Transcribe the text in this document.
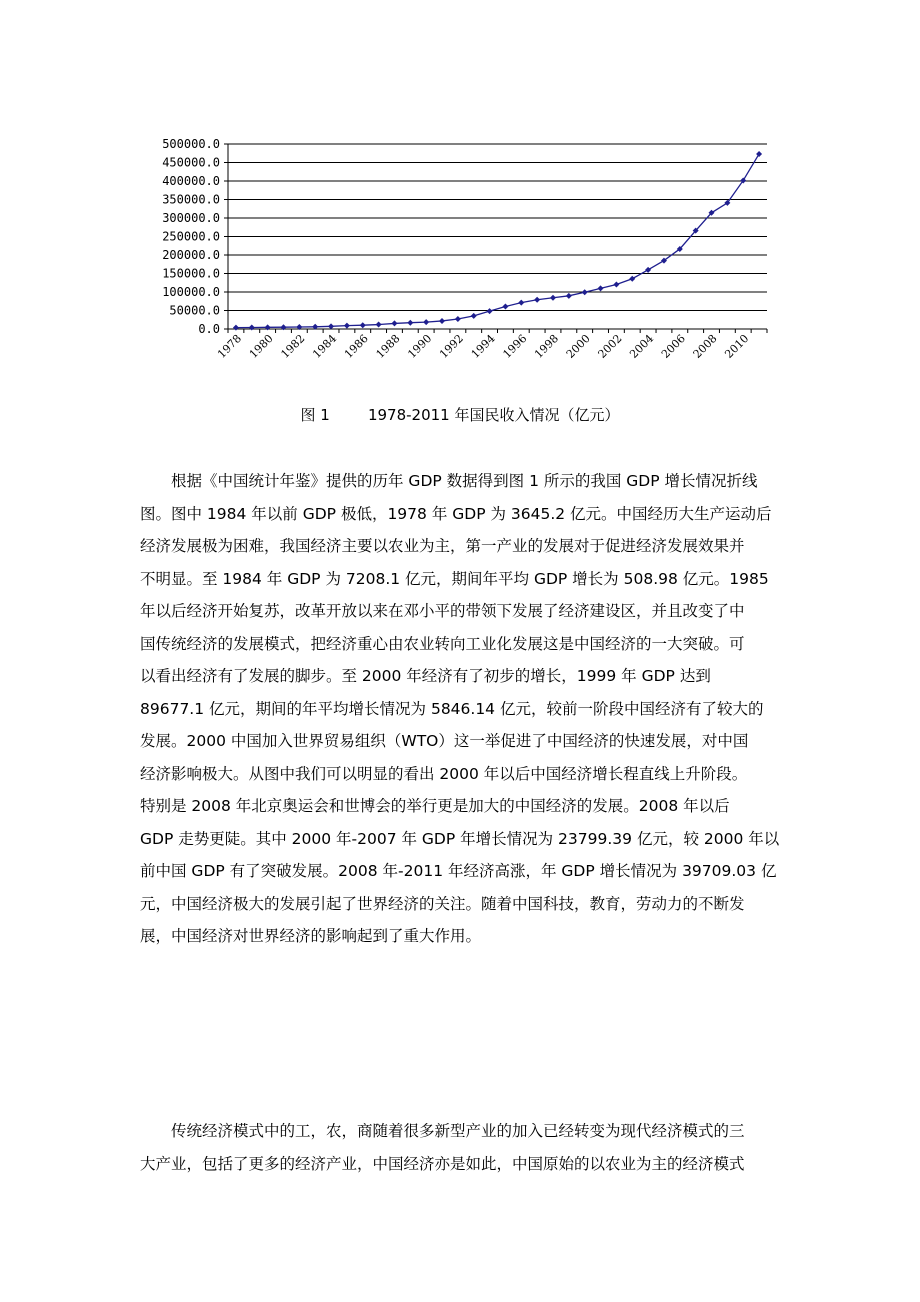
0.0
50000.0
100000.0
150000.0
200000.0
250000.0
300000.0
350000.0
400000.0
450000.0
500000.0
1978 1980 1982 1984 1986 1988 1990 1992 1994 1996 1998 2000 2002 2004 2006 2008 2010
图 1        1978-2011 年国民收入情况（亿元）
根据《中国统计年鉴》提供的历年 GDP 数据得到图 1 所示的我国 GDP 增长情况折线
图。图中 1984 年以前 GDP 极低，1978 年 GDP 为 3645.2 亿元。中国经历大生产运动后
经济发展极为困难，我国经济主要以农业为主，第一产业的发展对于促进经济发展效果并
不明显。至 1984 年 GDP 为 7208.1 亿元，期间年平均 GDP 增长为 508.98 亿元。1985
年以后经济开始复苏，改革开放以来在邓小平的带领下发展了经济建设区，并且改变了中
国传统经济的发展模式，把经济重心由农业转向工业化发展这是中国经济的一大突破。可
以看出经济有了发展的脚步。至 2000 年经济有了初步的增长，1999 年 GDP 达到
89677.1 亿元，期间的年平均增长情况为 5846.14 亿元，较前一阶段中国经济有了较大的
发展。2000 中国加入世界贸易组织（WTO）这一举促进了中国经济的快速发展，对中国
经济影响极大。从图中我们可以明显的看出 2000 年以后中国经济增长程直线上升阶段。
特别是 2008 年北京奥运会和世博会的举行更是加大的中国经济的发展。2008 年以后
GDP 走势更陡。其中 2000 年-2007 年 GDP 年增长情况为 23799.39 亿元，较 2000 年以
前中国 GDP 有了突破发展。2008 年-2011 年经济高涨，年 GDP 增长情况为 39709.03 亿
元，中国经济极大的发展引起了世界经济的关注。随着中国科技，教育，劳动力的不断发
展，中国经济对世界经济的影响起到了重大作用。
传统经济模式中的工，农，商随着很多新型产业的加入已经转变为现代经济模式的三
大产业，包括了更多的经济产业，中国经济亦是如此，中国原始的以农业为主的经济模式
